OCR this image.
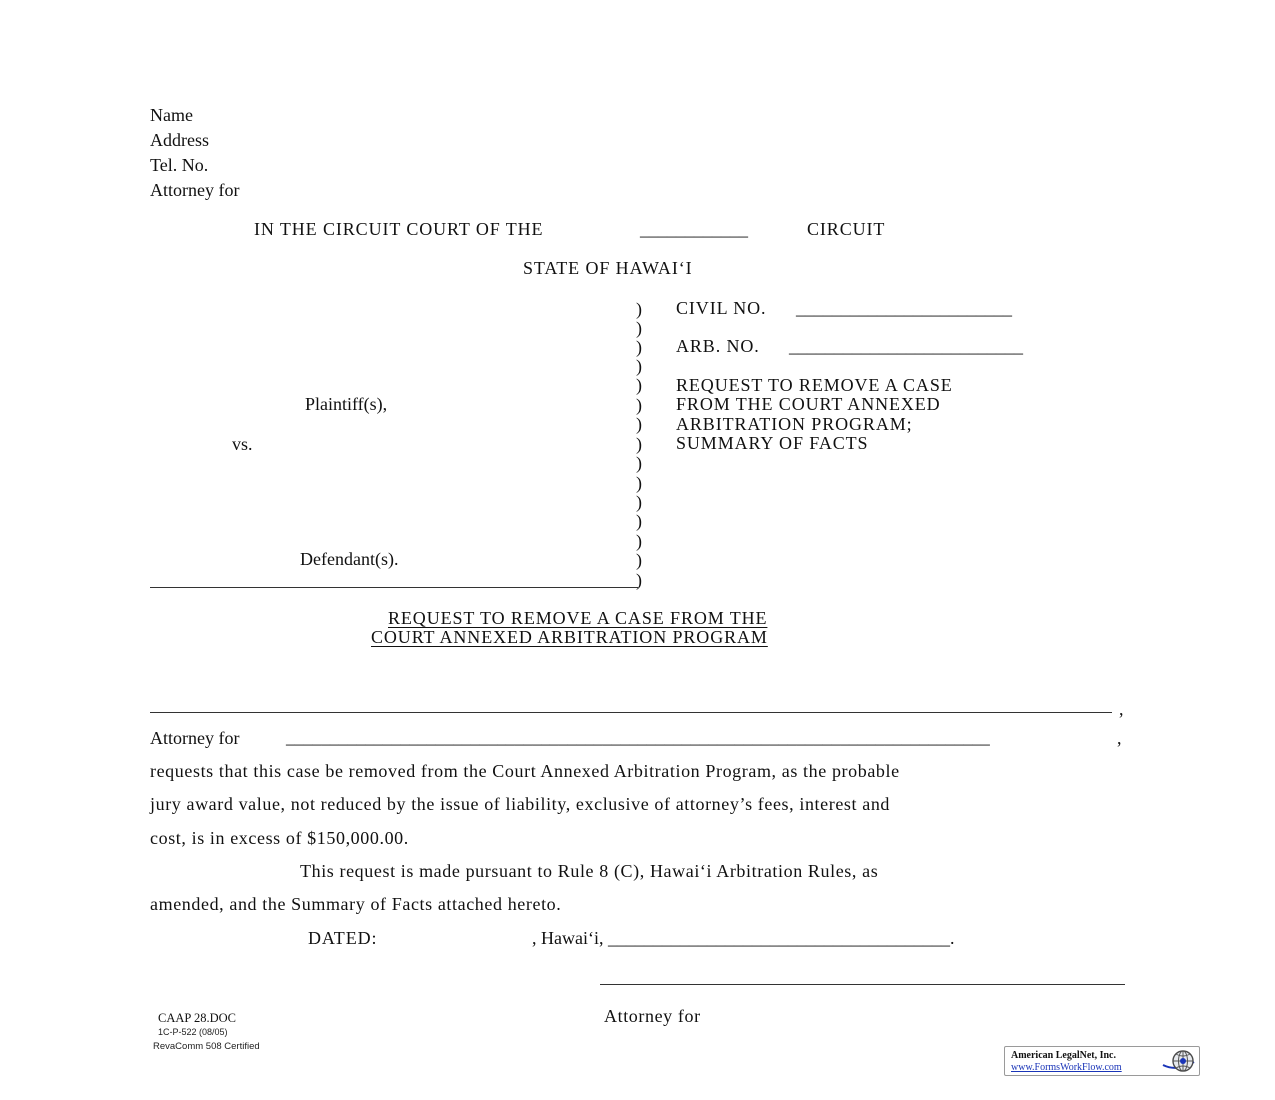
Name
Address
Tel. No.
Attorney for
IN THE CIRCUIT COURT OF THE	____________	CIRCUIT
STATE OF HAWAI‘I
Plaintiff(s),
vs.
Defendant(s).
)
)
)
)
)
)
)
)
)
)
)
)
)
)
)
CIVIL NO. ________________________
ARB. NO. __________________________
REQUEST TO REMOVE A CASE
FROM THE COURT ANNEXED
ARBITRATION PROGRAM;
SUMMARY OF FACTS
REQUEST TO REMOVE A CASE FROM THE
COURT ANNEXED ARBITRATION PROGRAM
,
Attorney for	________________________________________________________________________________	,
requests that this case be removed from the Court Annexed Arbitration Program, as the probable
jury award value, not reduced by the issue of liability, exclusive of attorney’s fees, interest and
cost, is in excess of $150,000.00.
This request is made pursuant to Rule 8 (C), Hawai‘i Arbitration Rules, as
amended, and the Summary of Facts attached hereto.
DATED:	, Hawai‘i, ______________________________________.
Attorney for
CAAP 28.DOC
1C-P-522 (08/05)
RevaComm 508 Certified
American LegalNet, Inc.
www.FormsWorkFlow.com
